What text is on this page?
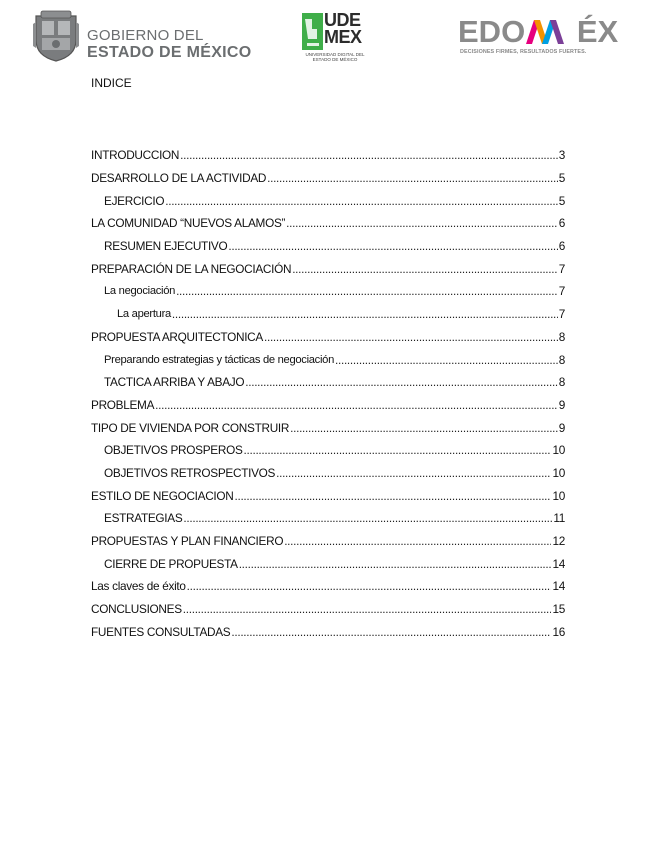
GOBIERNO DEL
ESTADO DE MÉXICO
UDE
MEX
UNIVERSIDAD DIGITAL DEL ESTADO DE MÉXICO
EDO ÉX
DECISIONES FIRMES, RESULTADOS FUERTES.
INDICE
INTRODUCCION .....	3
DESARROLLO DE LA ACTIVIDAD .....	5
EJERCICIO .....	5
LA COMUNIDAD “NUEVOS ALAMOS” .....	6
RESUMEN EJECUTIVO .....	6
PREPARACIÓN DE LA NEGOCIACIÓN .....	7
La negociación .....	7
La apertura .....	7
PROPUESTA ARQUITECTONICA .....	8
Preparando estrategias y tácticas de negociación .....	8
TACTICA ARRIBA Y ABAJO .....	8
PROBLEMA .....	9
TIPO DE VIVIENDA POR CONSTRUIR .....	9
OBJETIVOS PROSPEROS .....	10
OBJETIVOS RETROSPECTIVOS .....	10
ESTILO DE NEGOCIACION .....	10
ESTRATEGIAS .....	11
PROPUESTAS Y PLAN FINANCIERO .....	12
CIERRE DE PROPUESTA .....	14
Las claves de éxito .....	14
CONCLUSIONES .....	15
FUENTES CONSULTADAS .....	16
